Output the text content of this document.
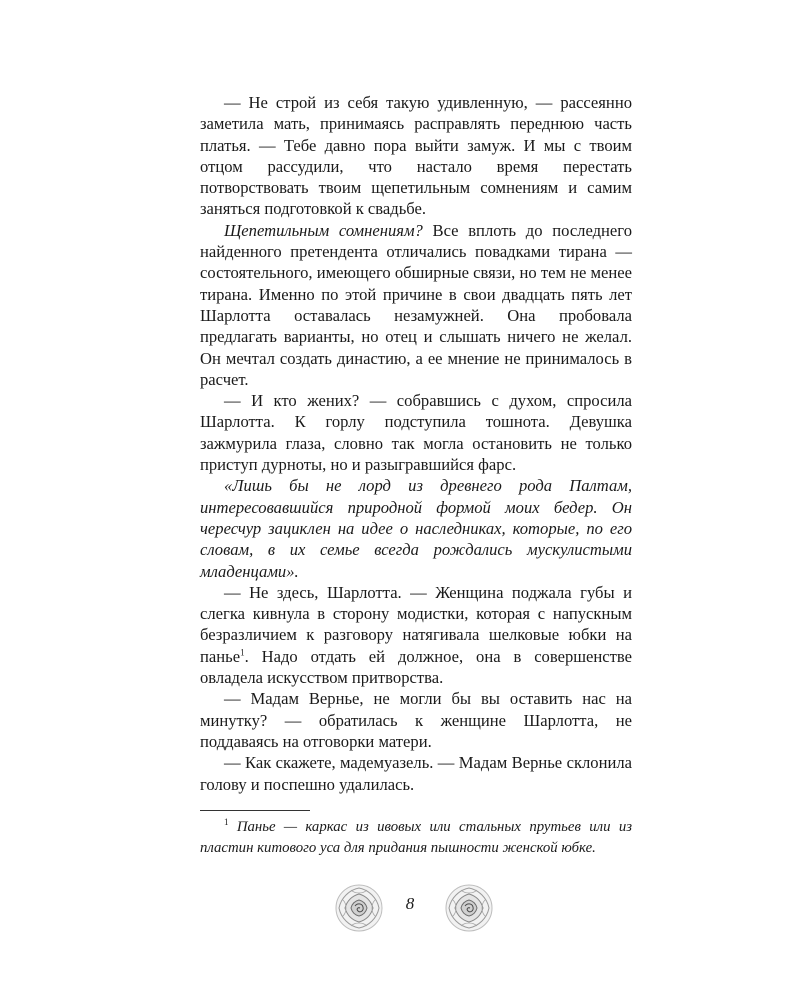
— Не строй из себя такую удивленную, — рассеянно заметила мать, принимаясь расправлять переднюю часть платья. — Тебе давно пора выйти замуж. И мы с твоим отцом рассудили, что настало время перестать потворствовать твоим щепетильным сомнениям и самим заняться подготовкой к свадьбе.

Щепетильным сомнениям? Все вплоть до последнего найденного претендента отличались повадками тирана — состоятельного, имеющего обширные связи, но тем не менее тирана. Именно по этой причине в свои двадцать пять лет Шарлотта оставалась незамужней. Она пробовала предлагать варианты, но отец и слышать ничего не желал. Он мечтал создать династию, а ее мнение не принималось в расчет.

— И кто жених? — собравшись с духом, спросила Шарлотта. К горлу подступила тошнота. Девушка зажмурила глаза, словно так могла остановить не только приступ дурноты, но и разыгравшийся фарс.

«Лишь бы не лорд из древнего рода Палтам, интересовавшийся природной формой моих бедер. Он чересчур зациклен на идее о наследниках, которые, по его словам, в их семье всегда рождались мускулистыми младенцами».

— Не здесь, Шарлотта. — Женщина поджала губы и слегка кивнула в сторону модистки, которая с напускным безразличием к разговору натягивала шелковые юбки на панье$^1$. Надо отдать ей должное, она в совершенстве овладела искусством притворства.

— Мадам Вернье, не могли бы вы оставить нас на минутку? — обратилась к женщине Шарлотта, не поддаваясь на отговорки матери.

— Как скажете, мадемуазель. — Мадам Вернье склонила голову и поспешно удалилась.

$^1$ Панье — каркас из ивовых или стальных прутьев или из пластин китового уса для придания пышности женской юбке.

8
